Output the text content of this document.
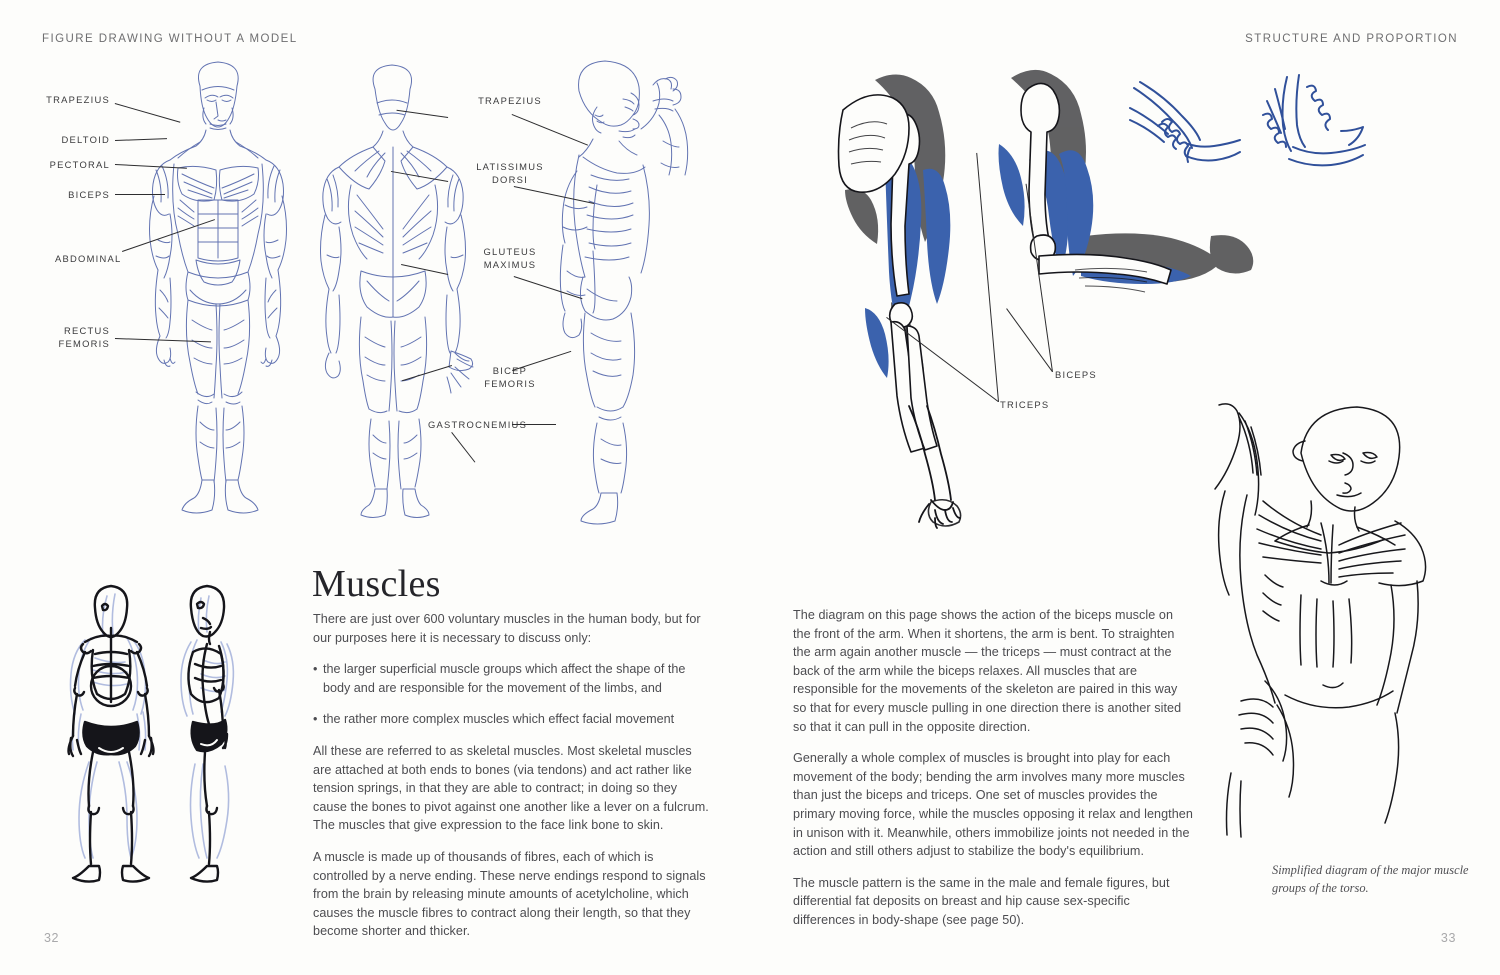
FIGURE DRAWING WITHOUT A MODEL	STRUCTURE AND PROPORTION
32	33
TRAPEZIUS
DELTOID
PECTORAL
BICEPS
ABDOMINAL
RECTUS
FEMORIS
TRAPEZIUS
LATISSIMUS
DORSI
GLUTEUS
MAXIMUS
BICEP
FEMORIS
GASTROCNEMIUS
Muscles

There are just over 600 voluntary muscles in the human body, but for our purposes here it is necessary to discuss only:

• the larger superficial muscle groups which affect the shape of the body and are responsible for the movement of the limbs, and
• the rather more complex muscles which effect facial movement

All these are referred to as skeletal muscles. Most skeletal muscles are attached at both ends to bones (via tendons) and act rather like tension springs, in that they are able to contract; in doing so they cause the bones to pivot against one another like a lever on a fulcrum. The muscles that give expression to the face link bone to skin.

A muscle is made up of thousands of fibres, each of which is controlled by a nerve ending. These nerve endings respond to signals from the brain by releasing minute amounts of acetylcholine, which causes the muscle fibres to contract along their length, so that they become shorter and thicker.

BICEPS
TRICEPS

The diagram on this page shows the action of the biceps muscle on the front of the arm. When it shortens, the arm is bent. To straighten the arm again another muscle — the triceps — must contract at the back of the arm while the biceps relaxes. All muscles that are responsible for the movements of the skeleton are paired in this way so that for every muscle pulling in one direction there is another sited so that it can pull in the opposite direction.

Generally a whole complex of muscles is brought into play for each movement of the body; bending the arm involves many more muscles than just the biceps and triceps. One set of muscles provides the primary moving force, while the muscles opposing it relax and lengthen in unison with it. Meanwhile, others immobilize joints not needed in the action and still others adjust to stabilize the body's equilibrium.

The muscle pattern is the same in the male and female figures, but differential fat deposits on breast and hip cause sex-specific differences in body-shape (see page 50).

Simplified diagram of the major muscle groups of the torso.
